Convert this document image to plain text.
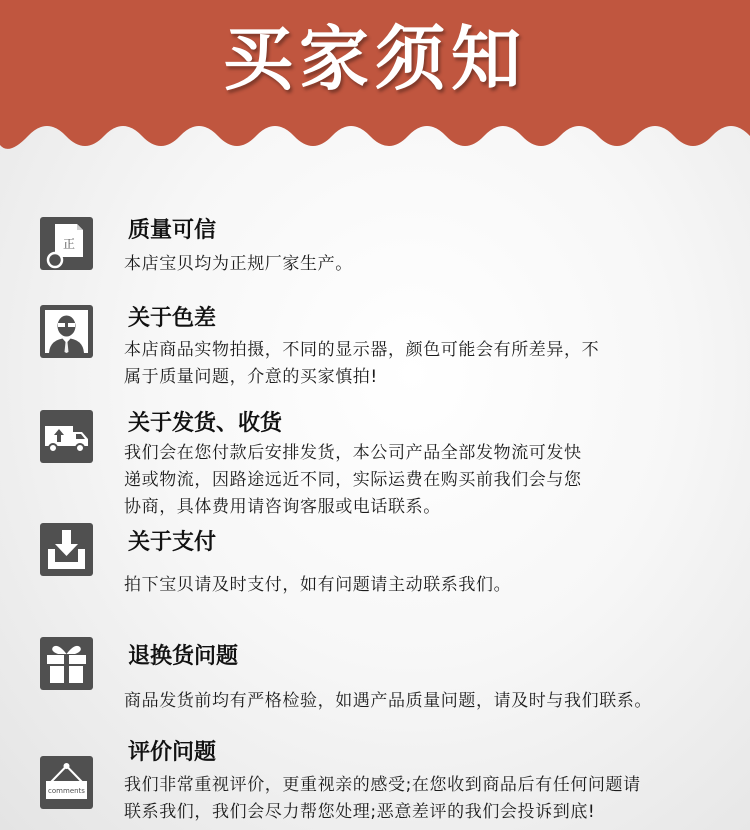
买家须知
正
质量可信
本店宝贝均为正规厂家生产。
关于色差
本店商品实物拍摄，不同的显示器，颜色可能会有所差异，不
属于质量问题，介意的买家慎拍!
关于发货、收货
我们会在您付款后安排发货，本公司产品全部发物流可发快
递或物流，因路途远近不同，实际运费在购买前我们会与您
协商，具体费用请咨询客服或电话联系。
关于支付
拍下宝贝请及时支付，如有问题请主动联系我们。
退换货问题
商品发货前均有严格检验，如遇产品质量问题，请及时与我们联系。
comments
评价问题
我们非常重视评价，更重视亲的感受;在您收到商品后有任何问题请
联系我们，我们会尽力帮您处理;恶意差评的我们会投诉到底!
